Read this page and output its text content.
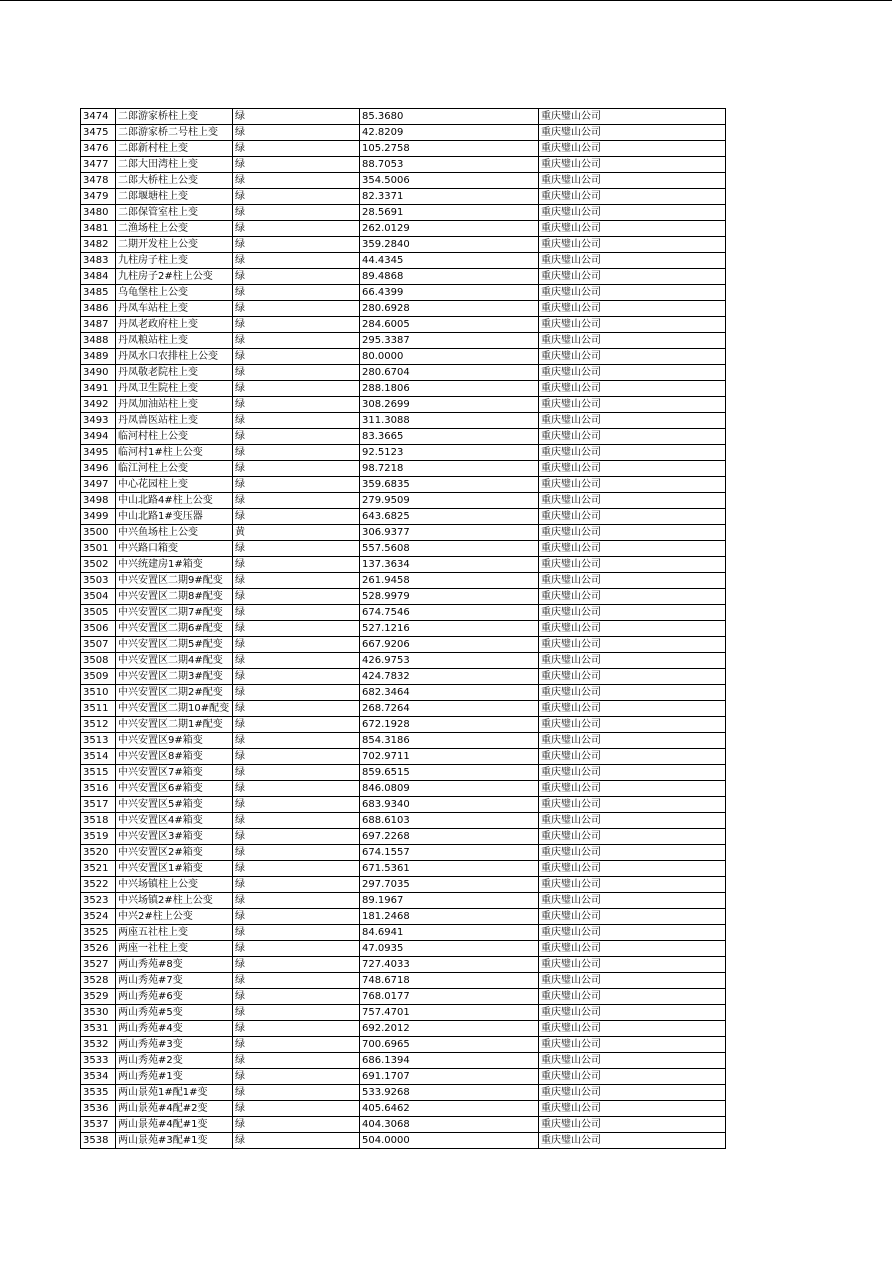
3474	二郎游家桥柱上变	绿	85.3680	重庆璧山公司
3475	二郎游家桥二号柱上变	绿	42.8209	重庆璧山公司
3476	二郎新村柱上变	绿	105.2758	重庆璧山公司
3477	二郎大田湾柱上变	绿	88.7053	重庆璧山公司
3478	二郎大桥柱上公变	绿	354.5006	重庆璧山公司
3479	二郎堰塘柱上变	绿	82.3371	重庆璧山公司
3480	二郎保管室柱上变	绿	28.5691	重庆璧山公司
3481	二渔场柱上公变	绿	262.0129	重庆璧山公司
3482	二期开发柱上公变	绿	359.2840	重庆璧山公司
3483	九柱房子柱上变	绿	44.4345	重庆璧山公司
3484	九柱房子2#柱上公变	绿	89.4868	重庆璧山公司
3485	乌龟堡柱上公变	绿	66.4399	重庆璧山公司
3486	丹凤车站柱上变	绿	280.6928	重庆璧山公司
3487	丹凤老政府柱上变	绿	284.6005	重庆璧山公司
3488	丹凤粮站柱上变	绿	295.3387	重庆璧山公司
3489	丹凤水口农排柱上公变	绿	80.0000	重庆璧山公司
3490	丹凤敬老院柱上变	绿	280.6704	重庆璧山公司
3491	丹凤卫生院柱上变	绿	288.1806	重庆璧山公司
3492	丹凤加油站柱上变	绿	308.2699	重庆璧山公司
3493	丹凤兽医站柱上变	绿	311.3088	重庆璧山公司
3494	临河村柱上公变	绿	83.3665	重庆璧山公司
3495	临河村1#柱上公变	绿	92.5123	重庆璧山公司
3496	临江河柱上公变	绿	98.7218	重庆璧山公司
3497	中心花园柱上变	绿	359.6835	重庆璧山公司
3498	中山北路4#柱上公变	绿	279.9509	重庆璧山公司
3499	中山北路1#变压器	绿	643.6825	重庆璧山公司
3500	中兴鱼场柱上公变	黄	306.9377	重庆璧山公司
3501	中兴路口箱变	绿	557.5608	重庆璧山公司
3502	中兴统建房1#箱变	绿	137.3634	重庆璧山公司
3503	中兴安置区二期9#配变	绿	261.9458	重庆璧山公司
3504	中兴安置区二期8#配变	绿	528.9979	重庆璧山公司
3505	中兴安置区二期7#配变	绿	674.7546	重庆璧山公司
3506	中兴安置区二期6#配变	绿	527.1216	重庆璧山公司
3507	中兴安置区二期5#配变	绿	667.9206	重庆璧山公司
3508	中兴安置区二期4#配变	绿	426.9753	重庆璧山公司
3509	中兴安置区二期3#配变	绿	424.7832	重庆璧山公司
3510	中兴安置区二期2#配变	绿	682.3464	重庆璧山公司
3511	中兴安置区二期10#配变	绿	268.7264	重庆璧山公司
3512	中兴安置区二期1#配变	绿	672.1928	重庆璧山公司
3513	中兴安置区9#箱变	绿	854.3186	重庆璧山公司
3514	中兴安置区8#箱变	绿	702.9711	重庆璧山公司
3515	中兴安置区7#箱变	绿	859.6515	重庆璧山公司
3516	中兴安置区6#箱变	绿	846.0809	重庆璧山公司
3517	中兴安置区5#箱变	绿	683.9340	重庆璧山公司
3518	中兴安置区4#箱变	绿	688.6103	重庆璧山公司
3519	中兴安置区3#箱变	绿	697.2268	重庆璧山公司
3520	中兴安置区2#箱变	绿	674.1557	重庆璧山公司
3521	中兴安置区1#箱变	绿	671.5361	重庆璧山公司
3522	中兴场镇柱上公变	绿	297.7035	重庆璧山公司
3523	中兴场镇2#柱上公变	绿	89.1967	重庆璧山公司
3524	中兴2#柱上公变	绿	181.2468	重庆璧山公司
3525	两座五社柱上变	绿	84.6941	重庆璧山公司
3526	两座一社柱上变	绿	47.0935	重庆璧山公司
3527	两山秀苑#8变	绿	727.4033	重庆璧山公司
3528	两山秀苑#7变	绿	748.6718	重庆璧山公司
3529	两山秀苑#6变	绿	768.0177	重庆璧山公司
3530	两山秀苑#5变	绿	757.4701	重庆璧山公司
3531	两山秀苑#4变	绿	692.2012	重庆璧山公司
3532	两山秀苑#3变	绿	700.6965	重庆璧山公司
3533	两山秀苑#2变	绿	686.1394	重庆璧山公司
3534	两山秀苑#1变	绿	691.1707	重庆璧山公司
3535	两山景苑1#配1#变	绿	533.9268	重庆璧山公司
3536	两山景苑#4配#2变	绿	405.6462	重庆璧山公司
3537	两山景苑#4配#1变	绿	404.3068	重庆璧山公司
3538	两山景苑#3配#1变	绿	504.0000	重庆璧山公司
